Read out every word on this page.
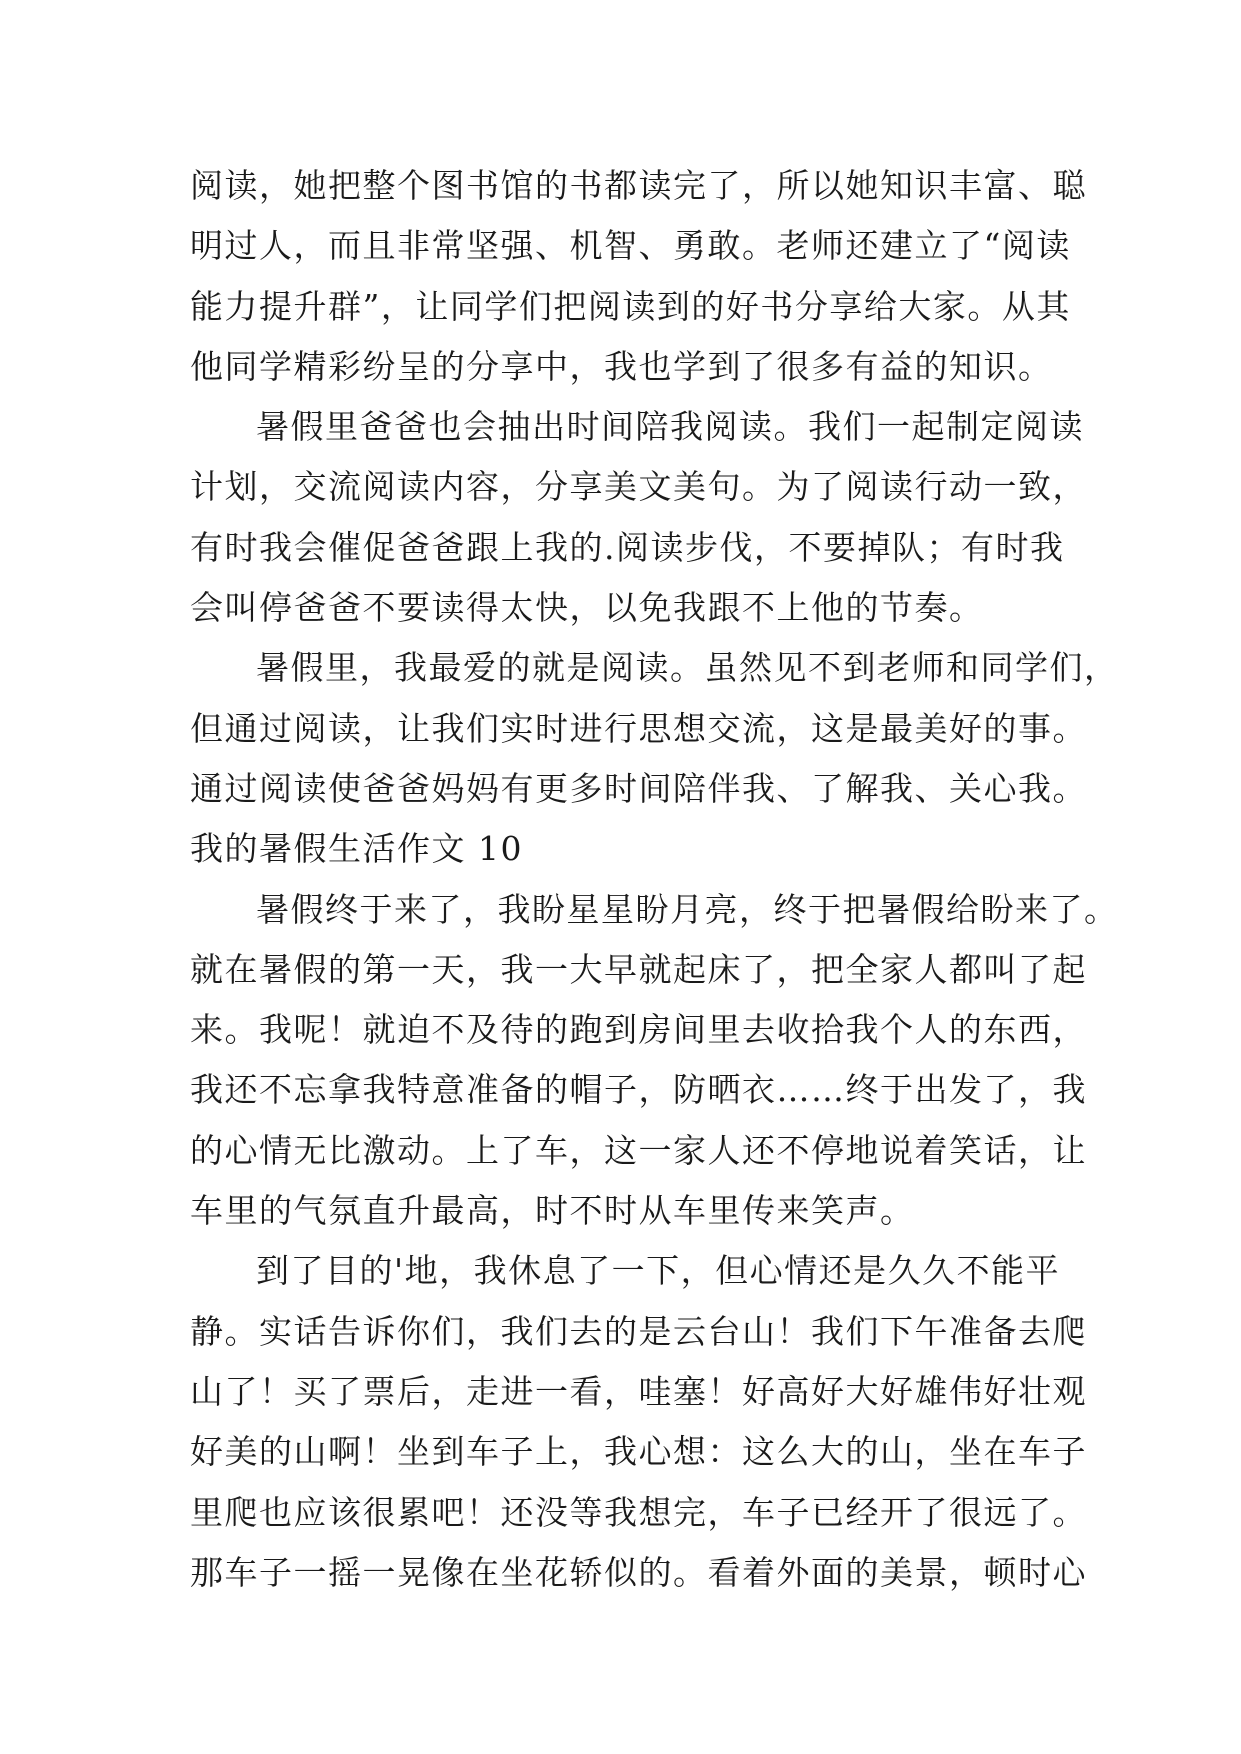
阅读，她把整个图书馆的书都读完了，所以她知识丰富、聪
明过人，而且非常坚强、机智、勇敢。老师还建立了“阅读
能力提升群”，让同学们把阅读到的好书分享给大家。从其
他同学精彩纷呈的分享中，我也学到了很多有益的知识。
暑假里爸爸也会抽出时间陪我阅读。我们一起制定阅读
计划，交流阅读内容，分享美文美句。为了阅读行动一致，
有时我会催促爸爸跟上我的.阅读步伐，不要掉队；有时我
会叫停爸爸不要读得太快，以免我跟不上他的节奏。
暑假里，我最爱的就是阅读。虽然见不到老师和同学们，
但通过阅读，让我们实时进行思想交流，这是最美好的事。
通过阅读使爸爸妈妈有更多时间陪伴我、了解我、关心我。
我的暑假生活作文 10
暑假终于来了，我盼星星盼月亮，终于把暑假给盼来了。
就在暑假的第一天，我一大早就起床了，把全家人都叫了起
来。我呢！就迫不及待的跑到房间里去收拾我个人的东西，
我还不忘拿我特意准备的帽子，防晒衣……终于出发了，我
的心情无比激动。上了车，这一家人还不停地说着笑话，让
车里的气氛直升最高，时不时从车里传来笑声。
到了目的'地，我休息了一下，但心情还是久久不能平
静。实话告诉你们，我们去的是云台山！我们下午准备去爬
山了！买了票后，走进一看，哇塞！好高好大好雄伟好壮观
好美的山啊！坐到车子上，我心想：这么大的山，坐在车子
里爬也应该很累吧！还没等我想完，车子已经开了很远了。
那车子一摇一晃像在坐花轿似的。看着外面的美景，顿时心
